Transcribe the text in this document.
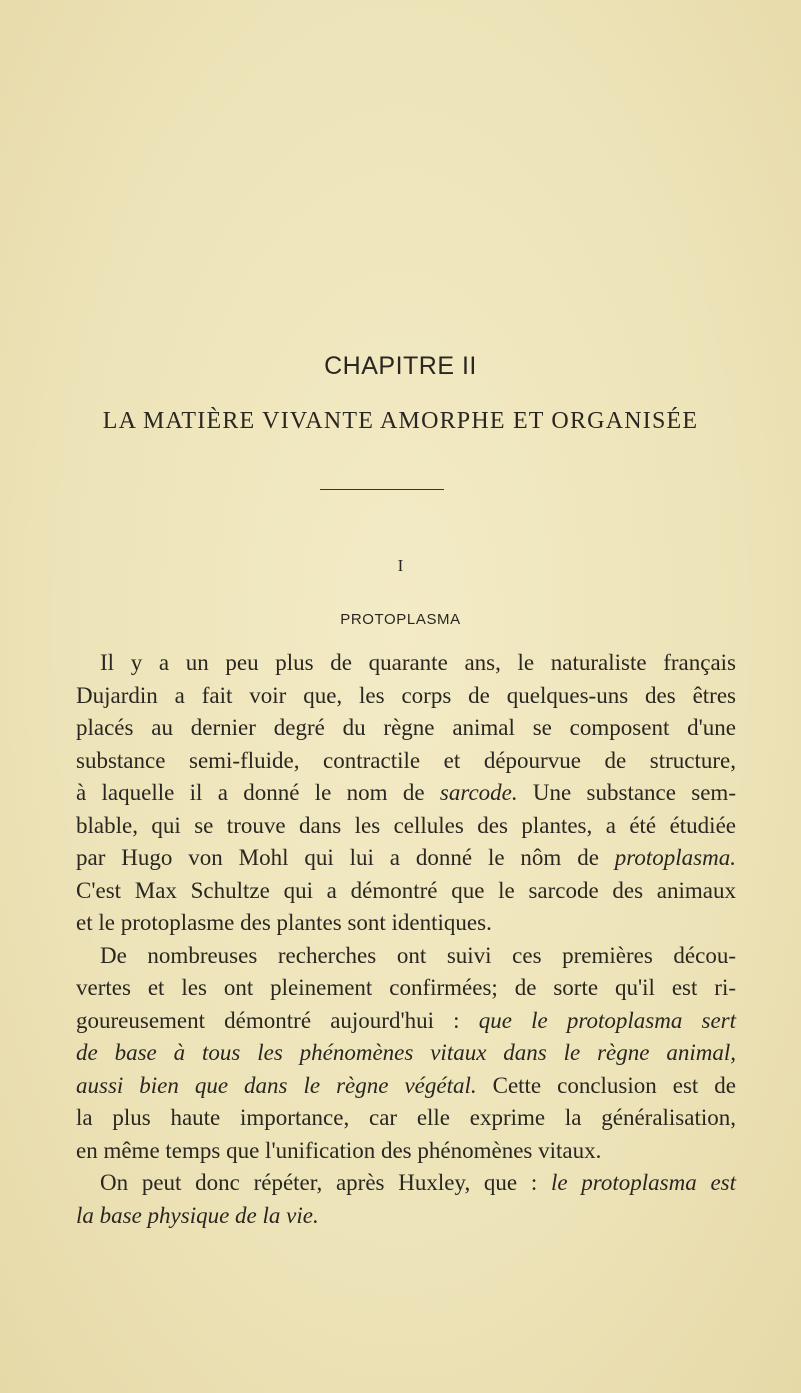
CHAPITRE II
LA MATIÈRE VIVANTE AMORPHE ET ORGANISÉE
I
PROTOPLASMA
Il y a un peu plus de quarante ans, le naturaliste français
Dujardin a fait voir que, les corps de quelques-uns des êtres
placés au dernier degré du règne animal se composent d'une
substance semi-fluide, contractile et dépourvue de structure,
à laquelle il a donné le nom de sarcode. Une substance sem-
blable, qui se trouve dans les cellules des plantes, a été étudiée
par Hugo von Mohl qui lui a donné le nôm de protoplasma.
C'est Max Schultze qui a démontré que le sarcode des animaux
et le protoplasme des plantes sont identiques.
De nombreuses recherches ont suivi ces premières décou-
vertes et les ont pleinement confirmées; de sorte qu'il est ri-
goureusement démontré aujourd'hui : que le protoplasma sert
de base à tous les phénomènes vitaux dans le règne animal,
aussi bien que dans le règne végétal. Cette conclusion est de
la plus haute importance, car elle exprime la généralisation,
en même temps que l'unification des phénomènes vitaux.
On peut donc répéter, après Huxley, que : le protoplasma est
la base physique de la vie.
